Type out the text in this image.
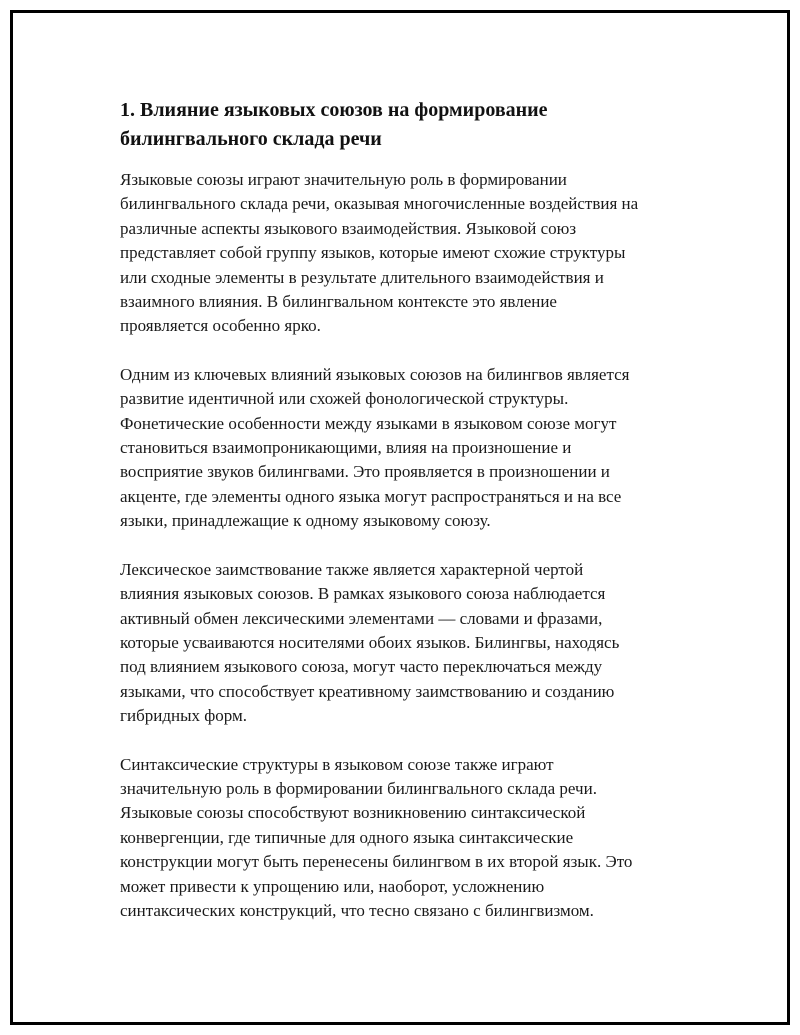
1. Влияние языковых союзов на формирование
билингвального склада речи

Языковые союзы играют значительную роль в формировании
билингвального склада речи, оказывая многочисленные воздействия на
различные аспекты языкового взаимодействия. Языковой союз
представляет собой группу языков, которые имеют схожие структуры
или сходные элементы в результате длительного взаимодействия и
взаимного влияния. В билингвальном контексте это явление
проявляется особенно ярко.

Одним из ключевых влияний языковых союзов на билингвов является
развитие идентичной или схожей фонологической структуры.
Фонетические особенности между языками в языковом союзе могут
становиться взаимопроникающими, влияя на произношение и
восприятие звуков билингвами. Это проявляется в произношении и
акценте, где элементы одного языка могут распространяться и на все
языки, принадлежащие к одному языковому союзу.

Лексическое заимствование также является характерной чертой
влияния языковых союзов. В рамках языкового союза наблюдается
активный обмен лексическими элементами — словами и фразами,
которые усваиваются носителями обоих языков. Билингвы, находясь
под влиянием языкового союза, могут часто переключаться между
языками, что способствует креативному заимствованию и созданию
гибридных форм.

Синтаксические структуры в языковом союзе также играют
значительную роль в формировании билингвального склада речи.
Языковые союзы способствуют возникновению синтаксической
конвергенции, где типичные для одного языка синтаксические
конструкции могут быть перенесены билингвом в их второй язык. Это
может привести к упрощению или, наоборот, усложнению
синтаксических конструкций, что тесно связано с билингвизмом.
